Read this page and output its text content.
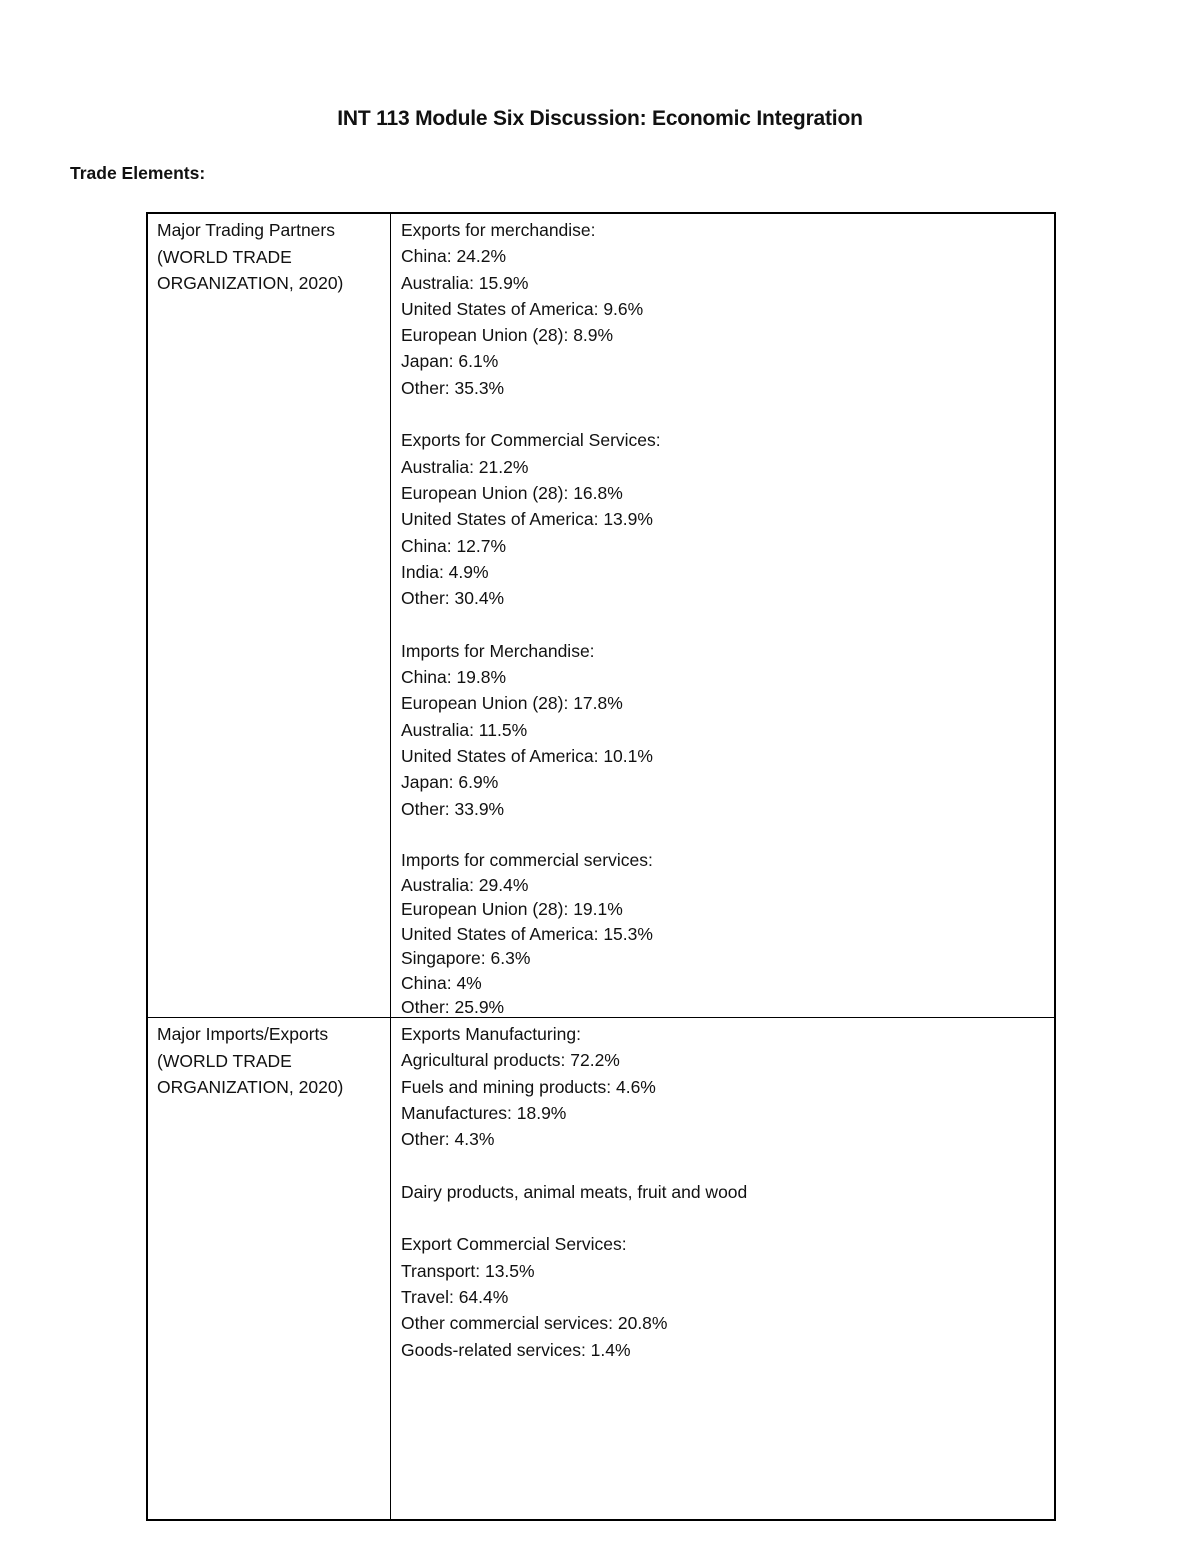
INT 113 Module Six Discussion: Economic Integration
Trade Elements:
Major Trading Partners
(WORLD TRADE
ORGANIZATION, 2020)
Exports for merchandise:
China: 24.2%
Australia: 15.9%
United States of America: 9.6%
European Union (28): 8.9%
Japan: 6.1%
Other: 35.3%
Exports for Commercial Services:
Australia: 21.2%
European Union (28): 16.8%
United States of America: 13.9%
China: 12.7%
India: 4.9%
Other: 30.4%
Imports for Merchandise:
China: 19.8%
European Union (28): 17.8%
Australia: 11.5%
United States of America: 10.1%
Japan: 6.9%
Other: 33.9%
Imports for commercial services:
Australia: 29.4%
European Union (28): 19.1%
United States of America: 15.3%
Singapore: 6.3%
China: 4%
Other: 25.9%
Major Imports/Exports
(WORLD TRADE
ORGANIZATION, 2020)
Exports Manufacturing:
Agricultural products: 72.2%
Fuels and mining products: 4.6%
Manufactures: 18.9%
Other: 4.3%
Dairy products, animal meats, fruit and wood
Export Commercial Services:
Transport: 13.5%
Travel: 64.4%
Other commercial services: 20.8%
Goods-related services: 1.4%
